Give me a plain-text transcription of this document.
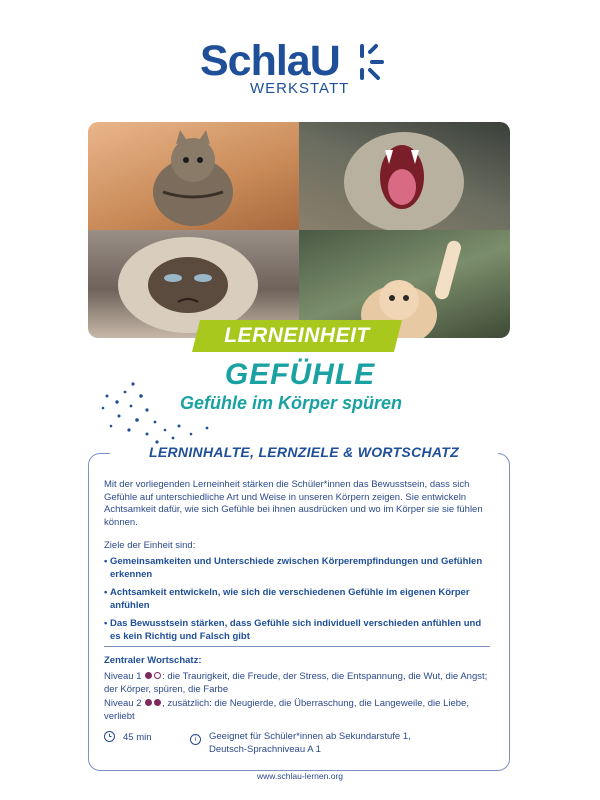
SchlaU
WERKSTATT
LERNEINHEIT
GEFÜHLE
Gefühle im Körper spüren
LERNINHALTE, LERNZIELE & WORTSCHATZ
Mit der vorliegenden Lerneinheit stärken die Schüler*innen das Bewusstsein, dass sich Gefühle auf unterschiedliche Art und Weise in unseren Körpern zeigen. Sie entwickeln Achtsamkeit dafür, wie sich Gefühle bei ihnen ausdrücken und wo im Körper sie sie fühlen können.
Ziele der Einheit sind:
• Gemeinsamkeiten und Unterschiede zwischen Körperempfindungen und Gefühlen erkennen
• Achtsamkeit entwickeln, wie sich die verschiedenen Gefühle im eigenen Körper anfühlen
• Das Bewusstsein stärken, dass Gefühle sich individuell verschieden anfühlen und es kein Richtig und Falsch gibt
Zentraler Wortschatz:
Niveau 1 : die Traurigkeit, die Freude, der Stress, die Entspannung, die Wut, die Angst; der Körper, spüren, die Farbe
Niveau 2 , zusätzlich: die Neugierde, die Überraschung, die Langeweile, die Liebe, verliebt
45 min	i Geeignet für Schüler*innen ab Sekundarstufe 1,
Deutsch-Sprachniveau A 1
www.schlau-lernen.org
